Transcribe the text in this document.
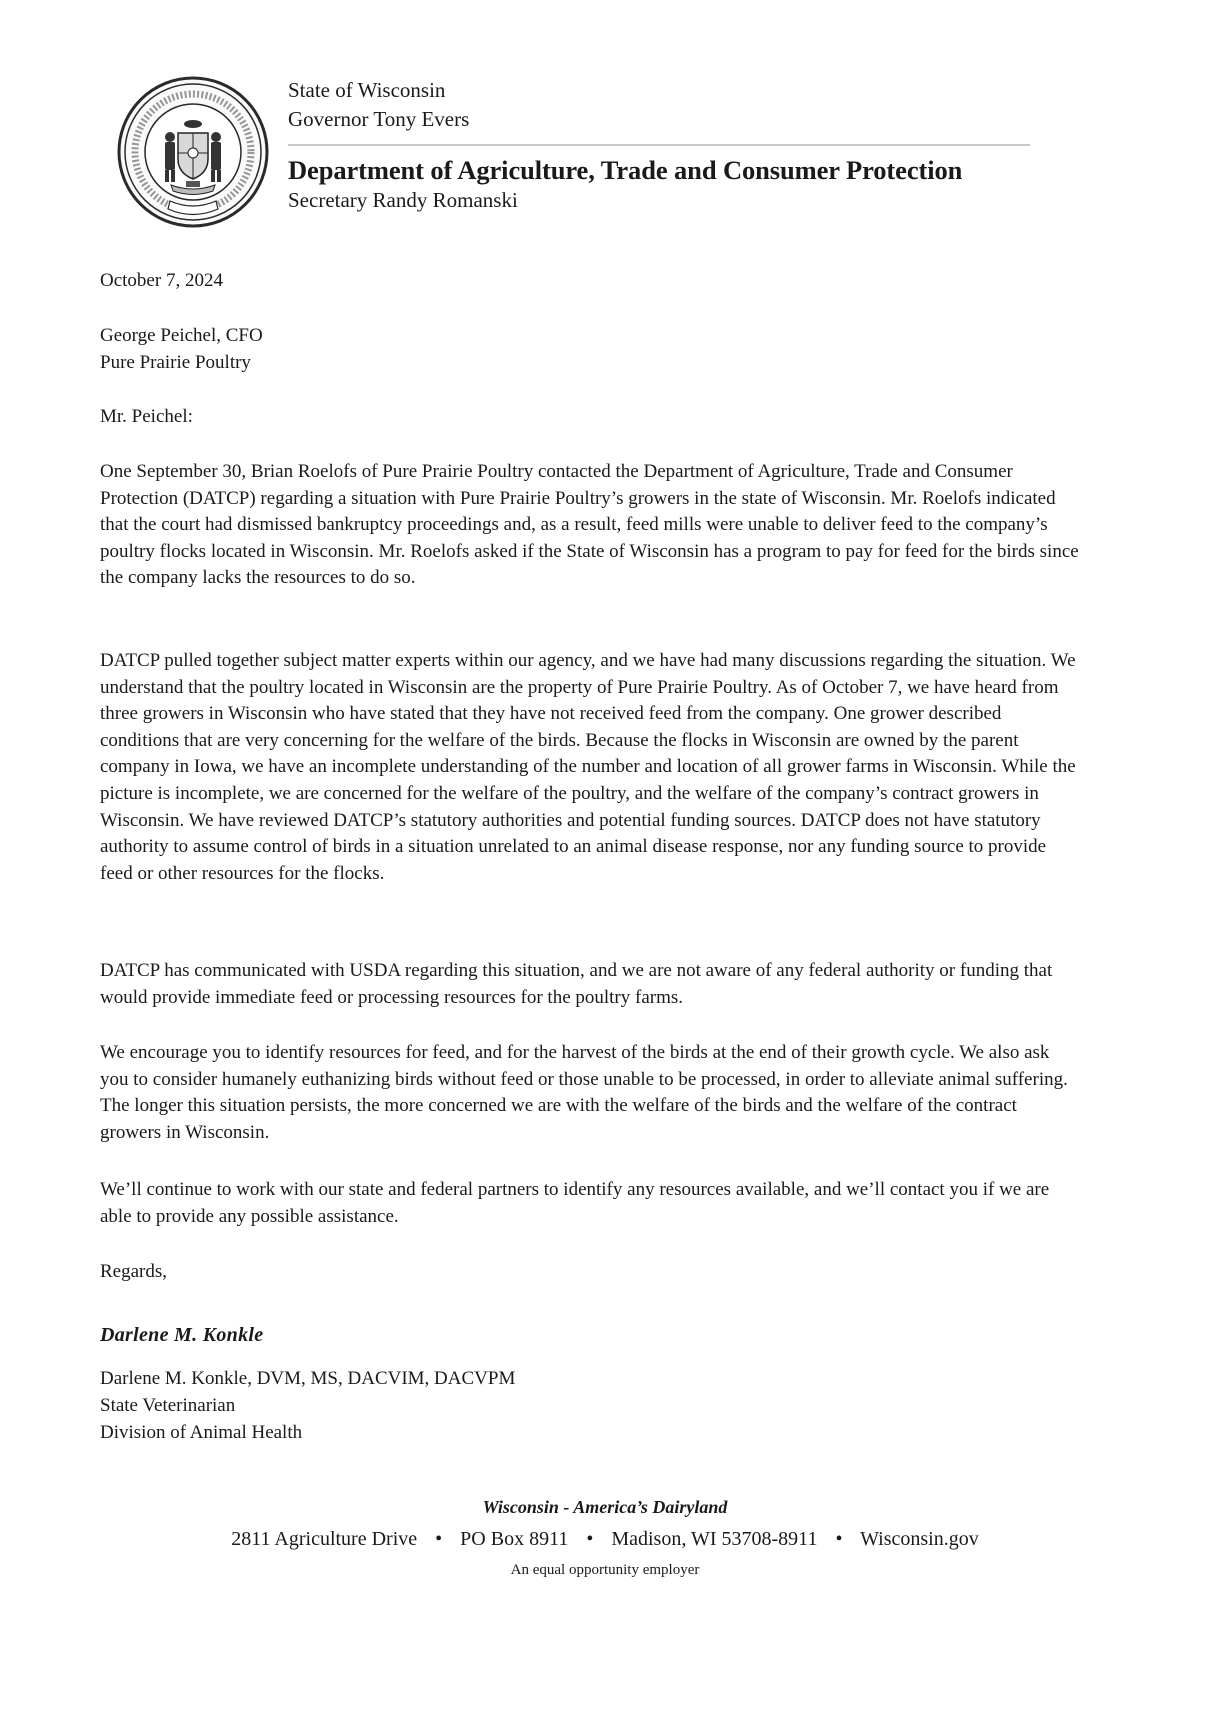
State of Wisconsin
Governor Tony Evers
Department of Agriculture, Trade and Consumer Protection
Secretary Randy Romanski
October 7, 2024
George Peichel, CFO
Pure Prairie Poultry
Mr. Peichel:

One September 30, Brian Roelofs of Pure Prairie Poultry contacted the Department of Agriculture, Trade and Consumer Protection (DATCP) regarding a situation with Pure Prairie Poultry’s growers in the state of Wisconsin. Mr. Roelofs indicated that the court had dismissed bankruptcy proceedings and, as a result, feed mills were unable to deliver feed to the company’s poultry flocks located in Wisconsin. Mr. Roelofs asked if the State of Wisconsin has a program to pay for feed for the birds since the company lacks the resources to do so.

DATCP pulled together subject matter experts within our agency, and we have had many discussions regarding the situation. We understand that the poultry located in Wisconsin are the property of Pure Prairie Poultry. As of October 7, we have heard from three growers in Wisconsin who have stated that they have not received feed from the company. One grower described conditions that are very concerning for the welfare of the birds. Because the flocks in Wisconsin are owned by the parent company in Iowa, we have an incomplete understanding of the number and location of all grower farms in Wisconsin. While the picture is incomplete, we are concerned for the welfare of the poultry, and the welfare of the company’s contract growers in Wisconsin. We have reviewed DATCP’s statutory authorities and potential funding sources. DATCP does not have statutory authority to assume control of birds in a situation unrelated to an animal disease response, nor any funding source to provide feed or other resources for the flocks.

DATCP has communicated with USDA regarding this situation, and we are not aware of any federal authority or funding that would provide immediate feed or processing resources for the poultry farms.

We encourage you to identify resources for feed, and for the harvest of the birds at the end of their growth cycle. We also ask you to consider humanely euthanizing birds without feed or those unable to be processed, in order to alleviate animal suffering. The longer this situation persists, the more concerned we are with the welfare of the birds and the welfare of the contract growers in Wisconsin.

We’ll continue to work with our state and federal partners to identify any resources available, and we’ll contact you if we are able to provide any possible assistance.

Regards,
Darlene M. Konkle
Darlene M. Konkle, DVM, MS, DACVIM, DACVPM
State Veterinarian
Division of Animal Health
Wisconsin - America’s Dairyland
2811 Agriculture Drive • PO Box 8911 • Madison, WI 53708-8911 • Wisconsin.gov
An equal opportunity employer
